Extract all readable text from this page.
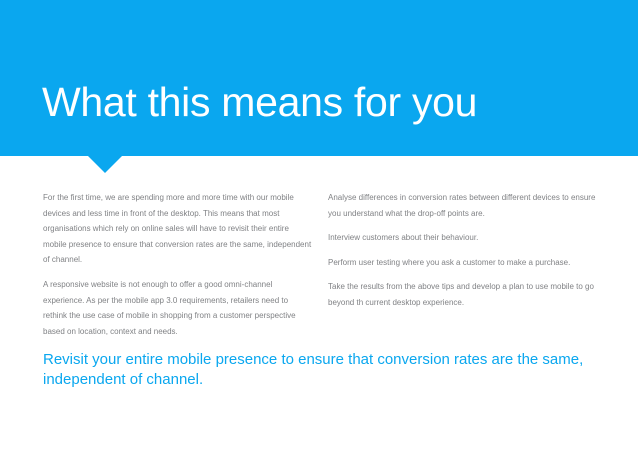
What this means for you

For the first time, we are spending more and more time with our mobile devices and less time in front of the desktop. This means that most organisations which rely on online sales will have to revisit their entire mobile presence to ensure that conversion rates are the same, independent of channel.

A responsive website is not enough to offer a good omni-channel experience. As per the mobile app 3.0 requirements, retailers need to rethink the use case of mobile in shopping from a customer perspective based on location, context and needs.

Analyse differences in conversion rates between different devices to ensure you understand what the drop-off points are.

Interview customers about their behaviour.

Perform user testing where you ask a customer to make a purchase.

Take the results from the above tips and develop a plan to use mobile to go beyond th current desktop experience.

Revisit your entire mobile presence to ensure that conversion rates are the same, independent of channel.
